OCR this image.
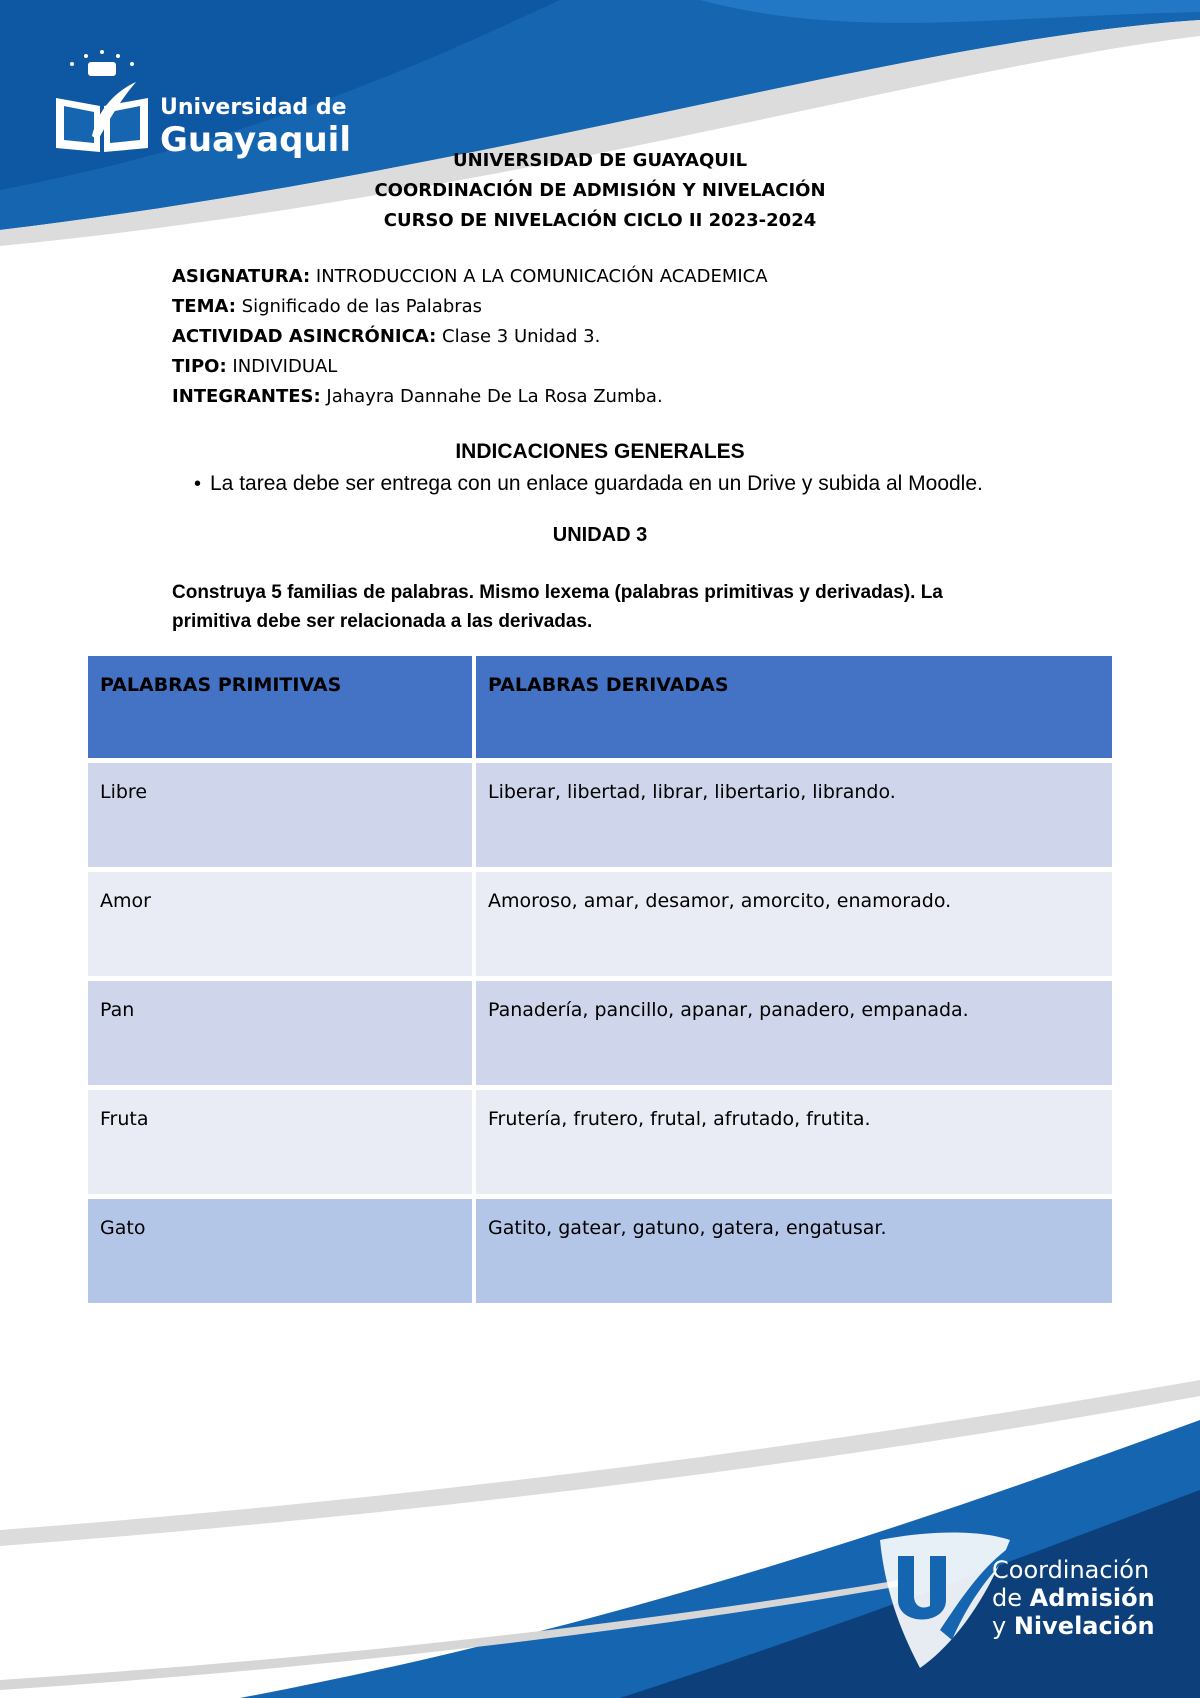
Universidad de
Guayaquil
UNIVERSIDAD DE GUAYAQUIL
COORDINACIÓN DE ADMISIÓN Y NIVELACIÓN
CURSO DE NIVELACIÓN CICLO II 2023-2024
ASIGNATURA: INTRODUCCION A LA COMUNICACIÓN ACADEMICA
TEMA: Significado de las Palabras
ACTIVIDAD ASINCRÓNICA: Clase 3 Unidad 3.
TIPO: INDIVIDUAL
INTEGRANTES: Jahayra Dannahe De La Rosa Zumba.
INDICACIONES GENERALES
• La tarea debe ser entrega con un enlace guardada en un Drive y subida al Moodle.
UNIDAD 3
Construya 5 familias de palabras. Mismo lexema (palabras primitivas y derivadas). La primitiva debe ser relacionada a las derivadas.
PALABRAS PRIMITIVAS	PALABRAS DERIVADAS
Libre	Liberar, libertad, librar, libertario, librando.
Amor	Amoroso, amar, desamor, amorcito, enamorado.
Pan	Panadería, pancillo, apanar, panadero, empanada.
Fruta	Frutería, frutero, frutal, afrutado, frutita.
Gato	Gatito, gatear, gatuno, gatera, engatusar.
Coordinación
de Admisión
y Nivelación
